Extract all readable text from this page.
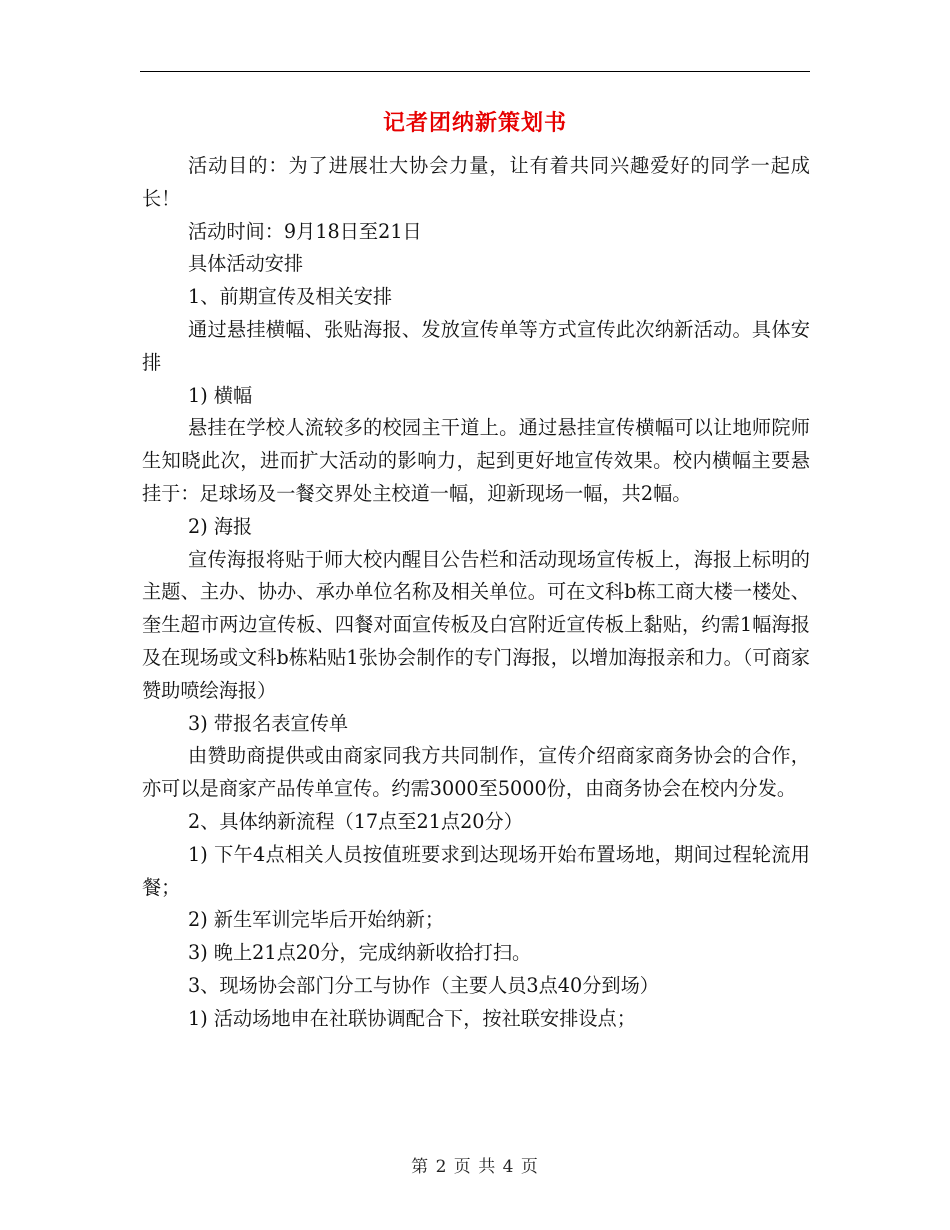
记者团纳新策划书

活动目的：为了进展壮大协会力量，让有着共同兴趣爱好的同学一起成长！

活动时间：9月18日至21日

具体活动安排

1、前期宣传及相关安排

通过悬挂横幅、张贴海报、发放宣传单等方式宣传此次纳新活动。具体安排

1) 横幅

悬挂在学校人流较多的校园主干道上。通过悬挂宣传横幅可以让地师院师生知晓此次，进而扩大活动的影响力，起到更好地宣传效果。校内横幅主要悬挂于：足球场及一餐交界处主校道一幅，迎新现场一幅，共2幅。

2) 海报

宣传海报将贴于师大校内醒目公告栏和活动现场宣传板上，海报上标明的主题、主办、协办、承办单位名称及相关单位。可在文科b栋工商大楼一楼处、奎生超市两边宣传板、四餐对面宣传板及白宫附近宣传板上黏贴，约需1幅海报及在现场或文科b栋粘贴1张协会制作的专门海报，以增加海报亲和力。（可商家赞助喷绘海报）

3) 带报名表宣传单

由赞助商提供或由商家同我方共同制作，宣传介绍商家商务协会的合作，亦可以是商家产品传单宣传。约需3000至5000份，由商务协会在校内分发。

2、具体纳新流程（17点至21点20分）

1) 下午4点相关人员按值班要求到达现场开始布置场地，期间过程轮流用餐；

2) 新生军训完毕后开始纳新；

3) 晚上21点20分，完成纳新收拾打扫。

3、现场协会部门分工与协作（主要人员3点40分到场）

1) 活动场地申在社联协调配合下，按社联安排设点；

第 2 页 共 4 页
